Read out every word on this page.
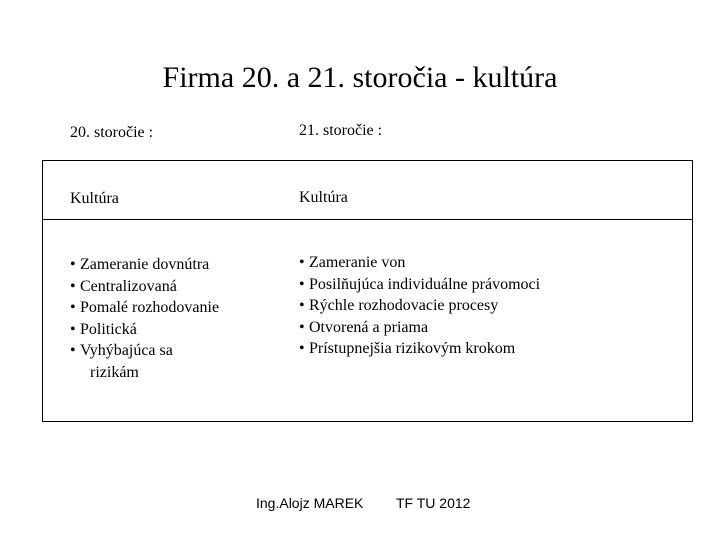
Firma 20. a 21. storočia - kultúra
20. storočie :	21. storočie :
Kultúra	Kultúra
• Zameranie dovnútra
• Centralizovaná
• Pomalé rozhodovanie
• Politická
• Vyhýbajúca sa
rizikám
• Zameranie von
• Posilňujúca individuálne právomoci
• Rýchle rozhodovacie procesy
• Otvorená a priama
• Prístupnejšia rizikovým krokom
Ing.Alojz MAREK TF TU 2012
